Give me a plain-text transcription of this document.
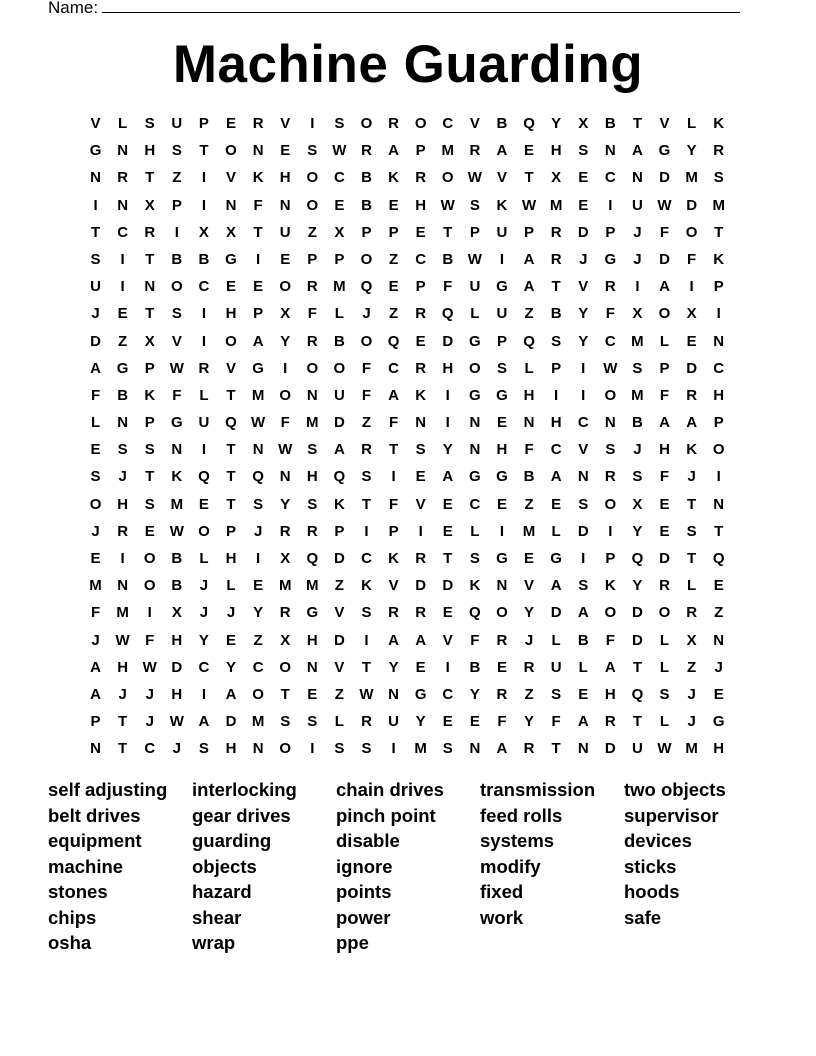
Name:
Machine Guarding
V	L	S	U	P	E	R	V	I	S	O	R	O	C	V	B	Q	Y	X	B	T	V	L	K
G	N	H	S	T	O	N	E	S	W R	A	P	M	R	A	E	H	S	N	A	G	Y	R
N	R	T	Z	I	V	K	H	O	C	B	K	R	O W	V	T	X	E	C	N	D	M	S
I	N	X	P	I	N	F	N	O	E	B	E	H W	S	K W M	E	I	U W D	M
T	C	R	I	X	X	T	U	Z	X	P	P	E	T	P	U	P	R	D	P	J	F	O	T
S	I	T	B	B	G	I	E	P	P	O	Z	C	B W	I	A	R	J	G	J	D	F	K
U	I	N	O	C	E	E	O	R	M	Q	E	P	F	U	G	A	T	V	R	I	A	I	P
J	E	T	S	I	H	P	X	F	L	J	Z	R	Q	L	U	Z	B	Y	F	X	O	X	I
D	Z	X	V	I	O	A	Y	R	B	O	Q	E	D	G	P	Q	S	Y	C	M	L	E	N
A	G	P	W R	V	G	I	O	O	F	C	R	H	O	S	L	P	I	W	S	P	D	C
F	B	K	F	L	T	M	O	N	U	F	A	K	I	G	G	H	I	I	O	M	F	R	H
L	N	P	G	U	Q W	F	M	D	Z	F	N	I	N	E	N	H	C	N	B	A	A	P
E	S	S	N	I	T	N W	S	A	R	T	S	Y	N	H	F	C	V	S	J	H	K	O
S	J	T	K	Q	T	Q	N	H	Q	S	I	E	A	G	G	B	A	N	R	S	F	J	I
O	H	S	M	E	T	S	Y	S	K	T	F	V	E	C	E	Z	E	S	O	X	E	T	N
J	R	E	W O	P	J	R	R	P	I	P	I	E	L	I	M	L	D	I	Y	E	S	T
E	I	O	B	L	H	I	X	Q	D	C	K	R	T	S	G	E	G	I	P	Q	D	T	Q
M	N	O	B	J	L	E	M M	Z	K	V	D	D	K	N	V	A	S	K	Y	R	L	E
F	M	I	X	J	J	Y	R	G	V	S	R	R	E	Q	O	Y	D	A	O	D	O	R	Z
J	W	F	H	Y	E	Z	X	H	D	I	A	A	V	F	R	J	L	B	F	D	L	X	N
A	H W D	C	Y	C	O	N	V	T	Y	E	I	B	E	R	U	L	A	T	L	Z	J
A	J	J	H	I	A	O	T	E	Z	W N	G	C	Y	R	Z	S	E	H	Q	S	J	E
P	T	J	W A	D	M	S	S	L	R	U	Y	E	E	F	Y	F	A	R	T	L	J	G
N	T	C	J	S	H	N	O	I	S	S	I	M	S	N	A	R	T	N	D	U W M	H
self adjusting
belt drives
equipment
machine
stones
chips
osha
interlocking
gear drives
guarding
objects
hazard
shear
wrap
chain drives
pinch point
disable
ignore
points
power
ppe
transmission
feed rolls
systems
modify
fixed
work
two objects
supervisor
devices
sticks
hoods
safe
